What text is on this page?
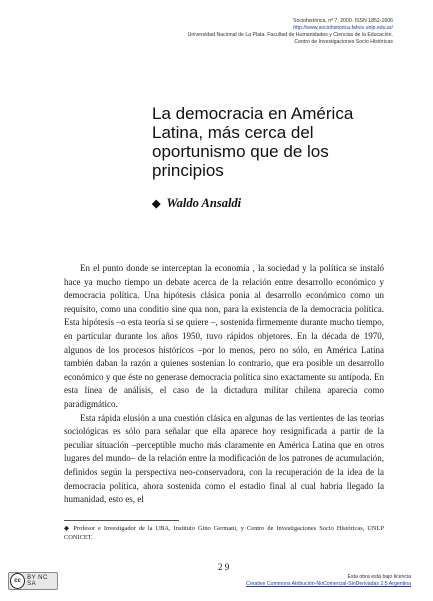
Sociohistórica, nº 7, 2000. ISSN 1852-1606
http://www.sociohistorica.fahce.unlp.edu.ar/
Universidad Nacional de La Plata. Facultad de Humanidades y Ciencias de la Educación.
Centro de Investigaciones Socio Históricas
La democracia en América Latina, más cerca del oportunismo que de los principios
◆ Waldo Ansaldi

En el punto donde se interceptan la economía , la sociedad y la política se instaló hace ya mucho tiempo un debate acerca de la relación entre desarrollo económico y democracia política. Una hipótesis clásica ponía al desarrollo económico como un requisito, como una conditio sine qua non, para la existencia de la democracia política. Esta hipótesis –o esta teoría si se quiere –, sostenida firmemente durante mucho tiempo, en particular durante los años 1950, tuvo rápidos objetores. En la década de 1970, algunos de los procesos históricos –por lo menos, pero no sólo, en América Latina también daban la razón a quienes sostenían lo contrario, que era posible un desarrollo económico y que éste no generase democracia política sino exactamente su antípoda. En esta línea de análisis, el caso de la dictadura militar chilena aparecía como paradigmático.

Esta rápida elusión a una cuestión clásica en algunas de las vertientes de las teorías sociológicas es sólo para señalar que ella aparece hoy resignificada a partir de la peculiar situación –perceptible mucho más claramente en América Latina que en otros lugares del mundo– de la relación entre la modificación de los patrones de acumulación, definidos según la perspectiva neo-conservadora, con la recuperación de la idea de la democracia política, ahora sostenida como el estadio final al cual habría llegado la humanidad, esto es, el

◆ Profesor e Investigador de la UBA, Instituto Gino Germani, y Centro de Investigaciones Socio Históricas, UNLP CONICET.
2 9
cc	BY NC SA
Esta obra está bajo licencia
Creative Commons Atribución-NoComercial-SinDerivadas 2.5 Argentina
